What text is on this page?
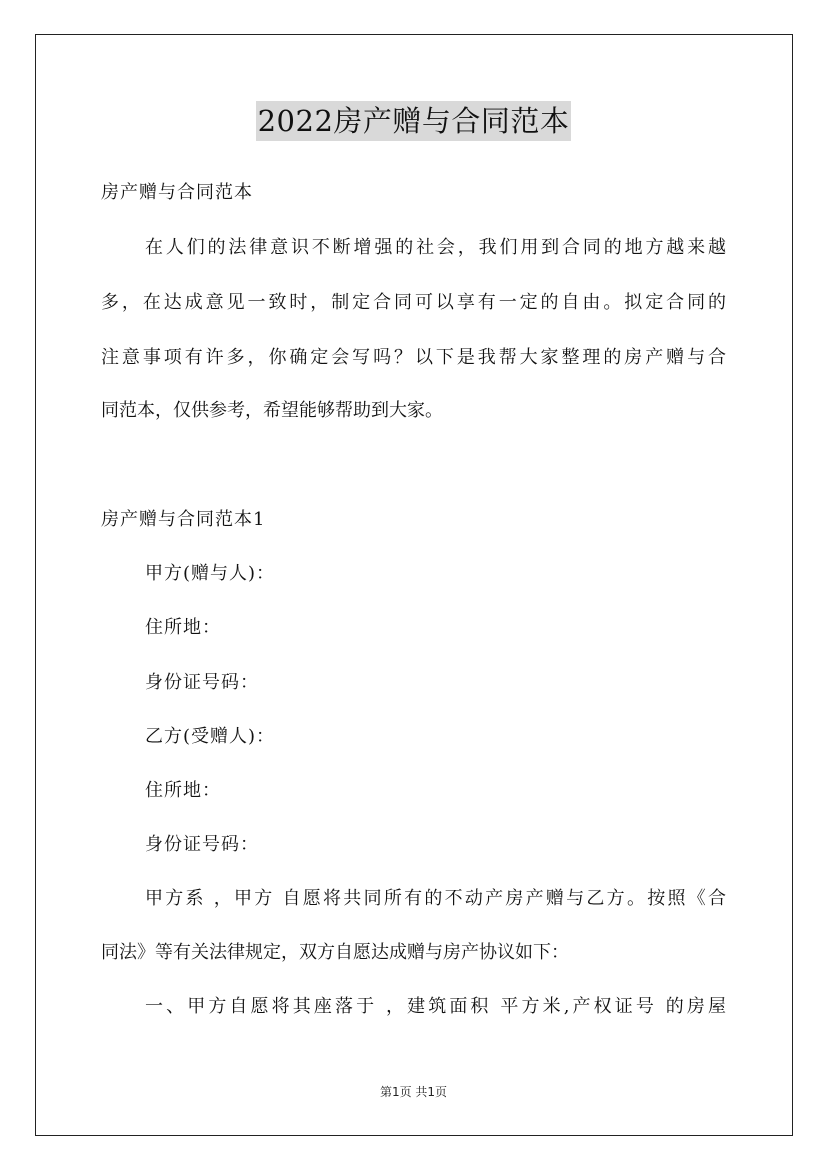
2022房产赠与合同范本
房产赠与合同范本
在人们的法律意识不断增强的社会，我们用到合同的地方越来越
多，在达成意见一致时，制定合同可以享有一定的自由。拟定合同的
注意事项有许多，你确定会写吗？以下是我帮大家整理的房产赠与合
同范本，仅供参考，希望能够帮助到大家。
房产赠与合同范本1
甲方(赠与人)：
住所地：
身份证号码：
乙方(受赠人)：
住所地：
身份证号码：
甲方系 ，甲方 自愿将共同所有的不动产房产赠与乙方。按照《合
同法》等有关法律规定，双方自愿达成赠与房产协议如下：
一、甲方自愿将其座落于 ，建筑面积 平方米,产权证号 的房屋
第1页 共1页
